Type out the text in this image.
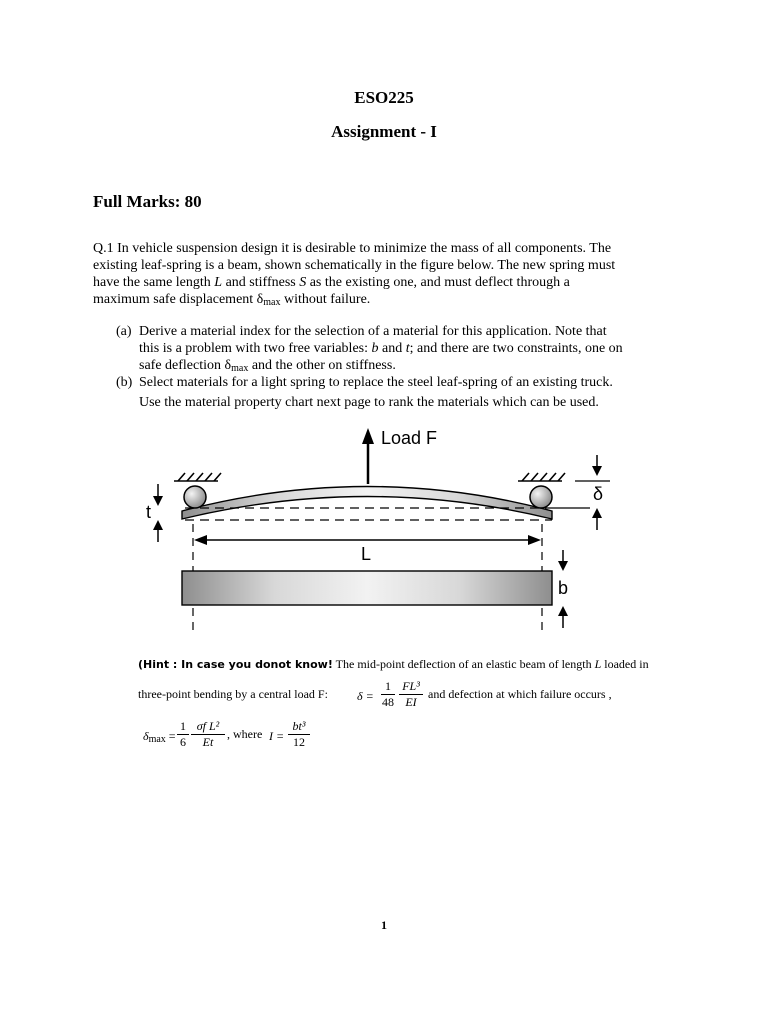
ESO225
Assignment - I
Full Marks: 80
Q.1 In vehicle suspension design it is desirable to minimize the mass of all components. The
existing leaf-spring is a beam, shown schematically in the figure below. The new spring must
have the same length L and stiffness S as the existing one, and must deflect through a
maximum safe displacement $\delta_{max}$ without failure.
(a) Derive a material index for the selection of a material for this application. Note that
this is a problem with two free variables: b and t; and there are two constraints, one on
safe deflection $\delta_{max}$ and the other on stiffness.
(b) Select materials for a light spring to replace the steel leaf-spring of an existing truck.
Use the material property chart next page to rank the materials which can be used.
Load F
δ
t
L
b
(Hint : In case you donot know! The mid-point deflection of an elastic beam of length L loaded in
three-point bending by a central load F: $\delta = \frac{1}{48} \frac{\text{FL³}}{EI}$ and defection at which failure occurs ,
$\delta_{max} = \frac{1}{6} \frac{\text{σf L²}}{Et}$ , where $I = \frac{\text{bt³}}{12}$
1
